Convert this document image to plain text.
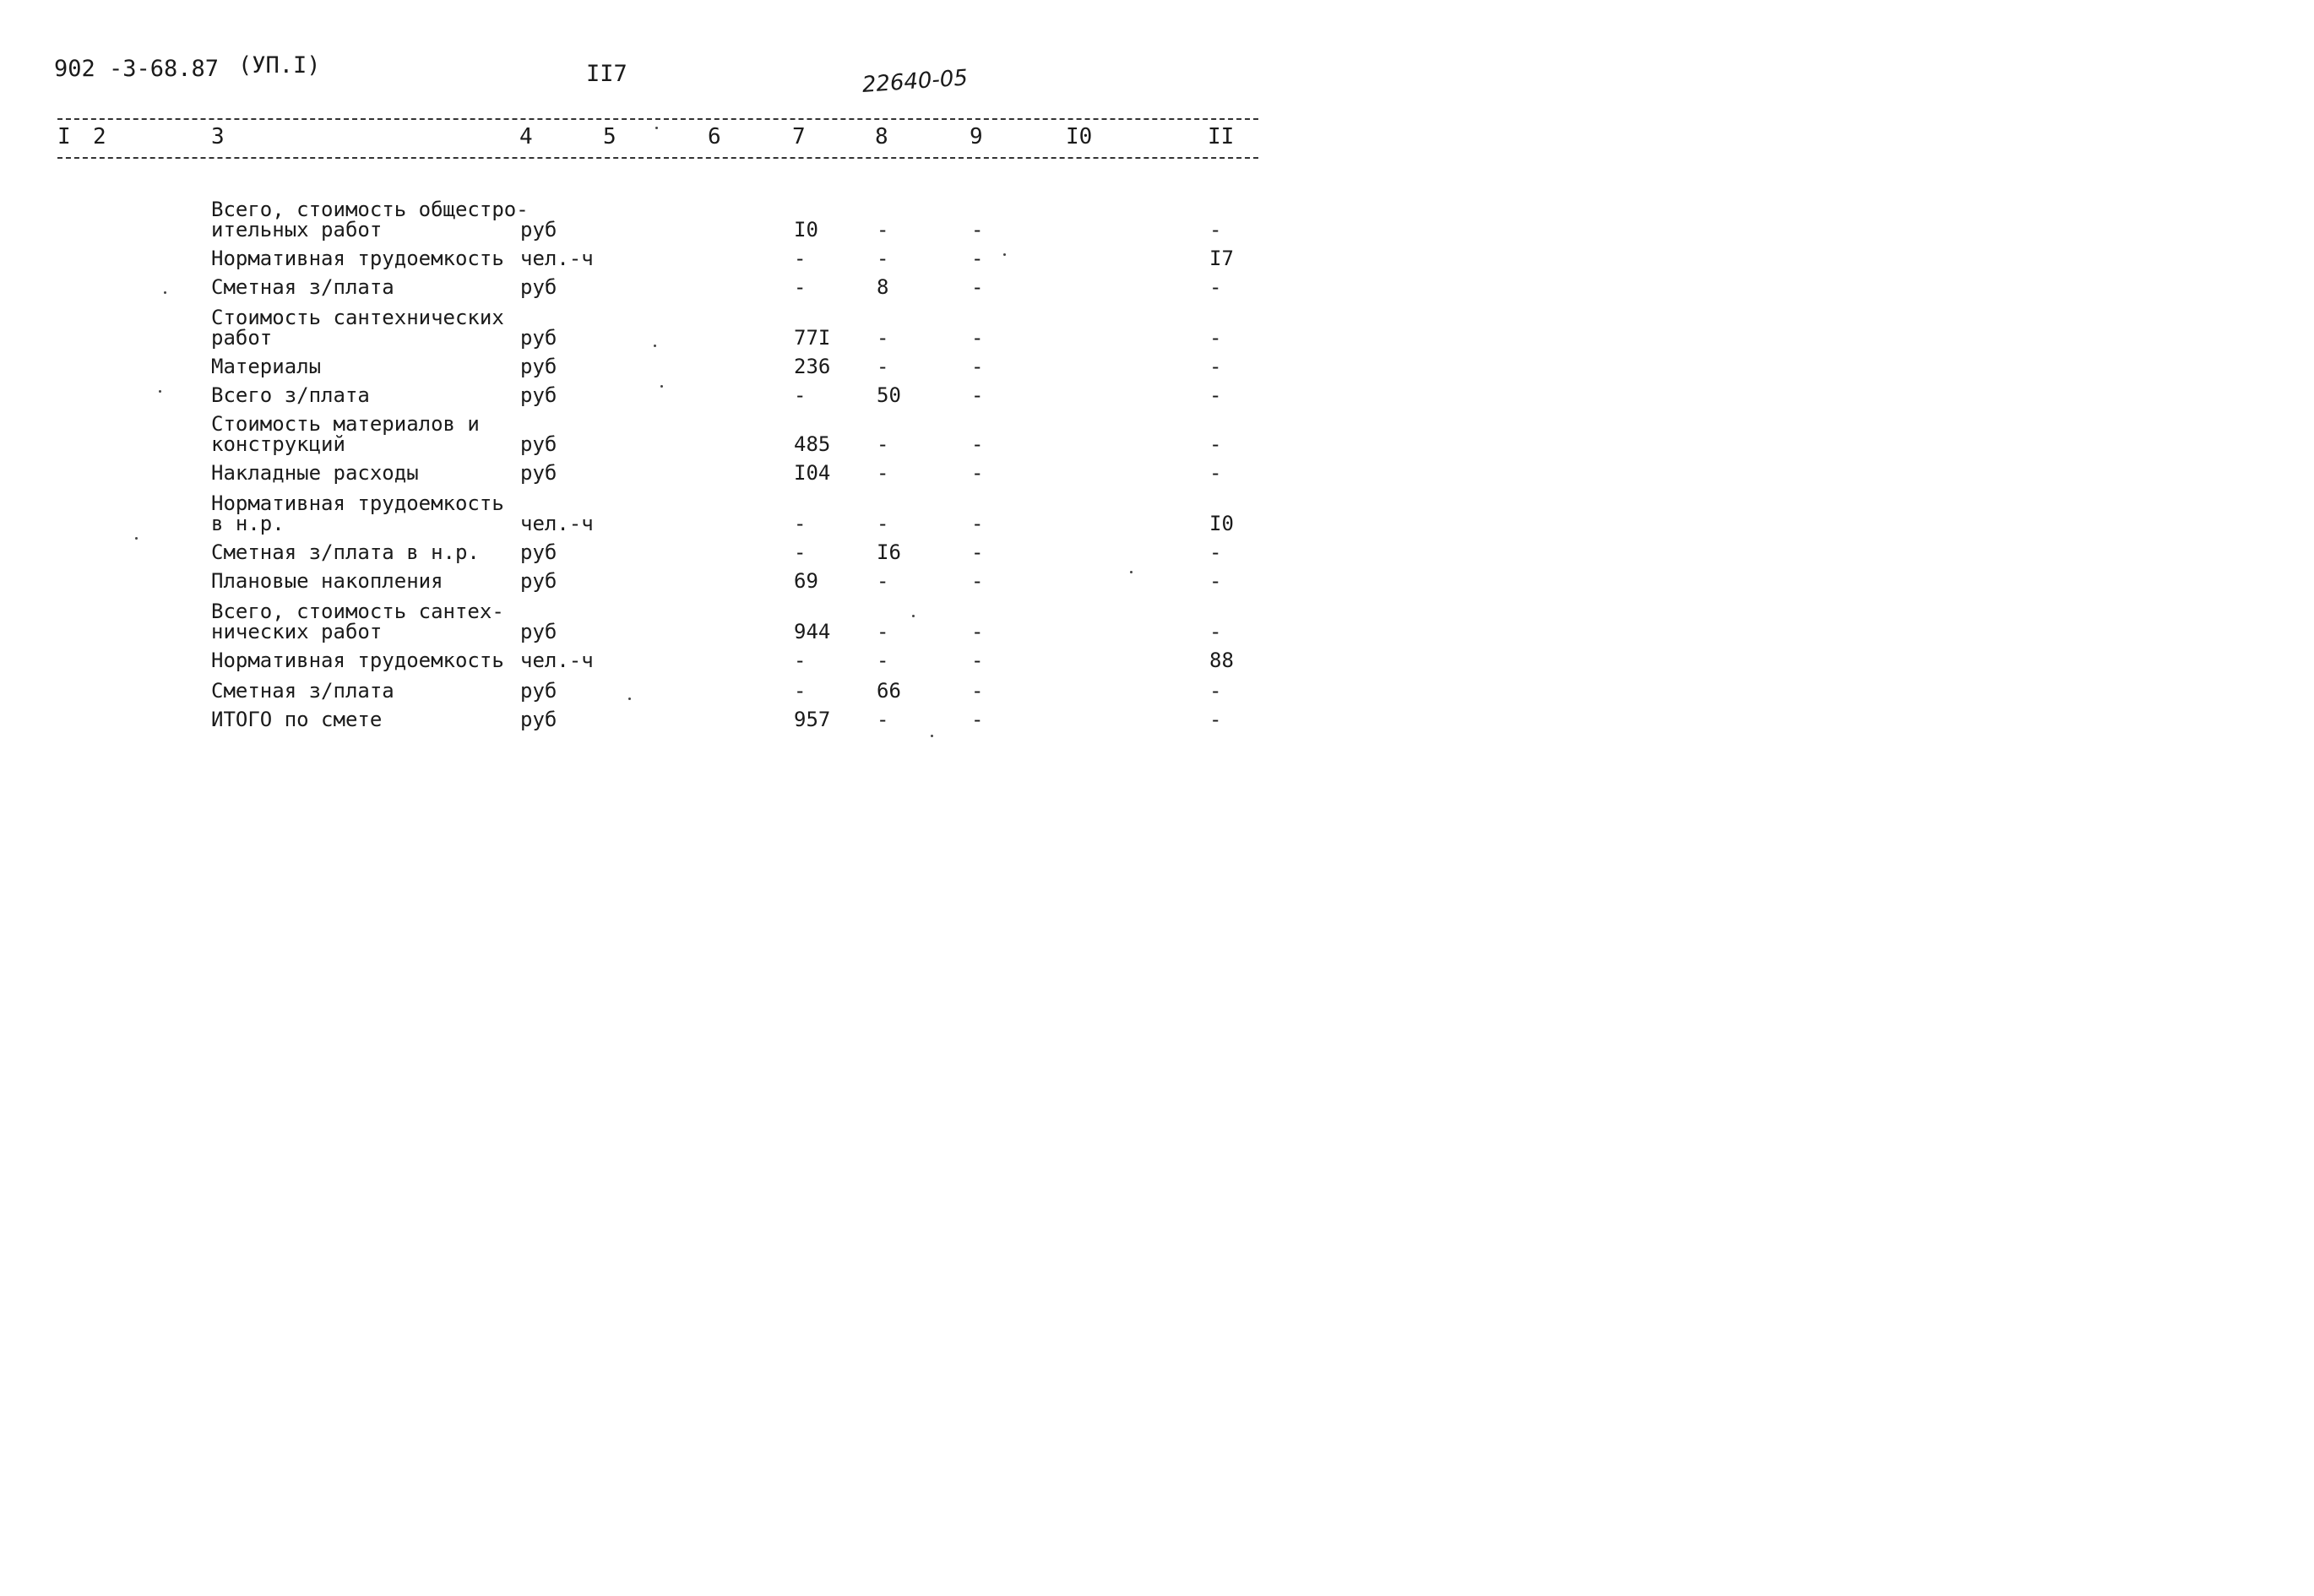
902 -3-68.87 (УП.I)	II7	22640-05
I 2	3	4	5	6	7	8	9	I0	II
Всего, стоимость общестро-
ительных работ	руб	I0	-	-	-
Нормативная трудоемкость чел.-ч	-	-	-	I7
Сметная з/плата	руб	-	8	-	-
Стоимость сантехнических
работ	руб	77I -	-	-
Материалы	руб	236 -	-	-
Всего з/плата	руб	-	50	-	-
Стоимость материалов и
конструкций	руб	485 -	-	-
Накладные расходы	руб	I04 -	-	-
Нормативная трудоемкость
в н.р.	чел.-ч	-	-	-	I0
Сметная з/плата в н.р. руб	-	I6	-	-
Плановые накопления	руб	69	-	-	-
Всего, стоимость сантех-
нических работ	руб	944 -	-	-
Нормативная трудоемкость чел.-ч	-	-	-	88
Сметная з/плата	руб	-	66	-	-
ИТОГО по смете	руб	957 -	-	-
